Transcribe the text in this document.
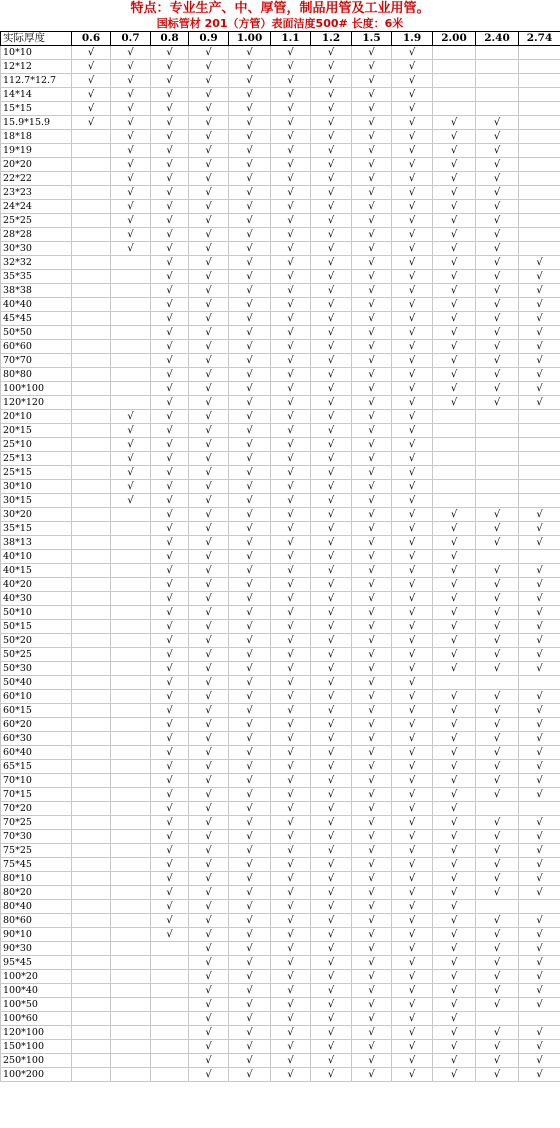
特点：专业生产、中、厚管，制品用管及工业用管。
国标管材 201（方管）表面洁度500# 长度：6米
实际厚度	0.6	0.7	0.8	0.9	1.00	1.1	1.2	1.5	1.9	2.00	2.40	2.74
10*10	√	√	√	√	√	√	√	√	√			
12*12	√	√	√	√	√	√	√	√	√			
112.7*12.7	√	√	√	√	√	√	√	√	√			
14*14	√	√	√	√	√	√	√	√	√			
15*15	√	√	√	√	√	√	√	√	√			
15.9*15.9	√	√	√	√	√	√	√	√	√	√	√	
18*18		√	√	√	√	√	√	√	√	√	√	
19*19		√	√	√	√	√	√	√	√	√	√	
20*20		√	√	√	√	√	√	√	√	√	√	
22*22		√	√	√	√	√	√	√	√	√	√	
23*23		√	√	√	√	√	√	√	√	√	√	
24*24		√	√	√	√	√	√	√	√	√	√	
25*25		√	√	√	√	√	√	√	√	√	√	
28*28		√	√	√	√	√	√	√	√	√	√	
30*30		√	√	√	√	√	√	√	√	√	√	
32*32			√	√	√	√	√	√	√	√	√	√
35*35			√	√	√	√	√	√	√	√	√	√
38*38			√	√	√	√	√	√	√	√	√	√
40*40			√	√	√	√	√	√	√	√	√	√
45*45			√	√	√	√	√	√	√	√	√	√
50*50			√	√	√	√	√	√	√	√	√	√
60*60			√	√	√	√	√	√	√	√	√	√
70*70			√	√	√	√	√	√	√	√	√	√
80*80			√	√	√	√	√	√	√	√	√	√
100*100			√	√	√	√	√	√	√	√	√	√
120*120			√	√	√	√	√	√	√	√	√	√
20*10		√	√	√	√	√	√	√	√			
20*15		√	√	√	√	√	√	√	√			
25*10		√	√	√	√	√	√	√	√			
25*13		√	√	√	√	√	√	√	√			
25*15		√	√	√	√	√	√	√	√			
30*10		√	√	√	√	√	√	√	√			
30*15		√	√	√	√	√	√	√	√			
30*20			√	√	√	√	√	√	√	√	√	√
35*15			√	√	√	√	√	√	√	√	√	√
38*13			√	√	√	√	√	√	√	√	√	√
40*10			√	√	√	√	√	√	√	√		
40*15			√	√	√	√	√	√	√	√	√	√
40*20			√	√	√	√	√	√	√	√	√	√
40*30			√	√	√	√	√	√	√	√	√	√
50*10			√	√	√	√	√	√	√	√	√	√
50*15			√	√	√	√	√	√	√	√	√	√
50*20			√	√	√	√	√	√	√	√	√	√
50*25			√	√	√	√	√	√	√	√	√	√
50*30			√	√	√	√	√	√	√	√	√	√
50*40			√	√	√	√	√	√	√			
60*10			√	√	√	√	√	√	√	√	√	√
60*15			√	√	√	√	√	√	√	√	√	√
60*20			√	√	√	√	√	√	√	√	√	√
60*30			√	√	√	√	√	√	√	√	√	√
60*40			√	√	√	√	√	√	√	√	√	√
65*15			√	√	√	√	√	√	√	√	√	√
70*10			√	√	√	√	√	√	√	√	√	√
70*15			√	√	√	√	√	√	√	√	√	√
70*20			√	√	√	√	√	√	√	√		
70*25			√	√	√	√	√	√	√	√	√	√
70*30			√	√	√	√	√	√	√	√	√	√
75*25			√	√	√	√	√	√	√	√	√	√
75*45			√	√	√	√	√	√	√	√	√	√
80*10			√	√	√	√	√	√	√	√	√	√
80*20			√	√	√	√	√	√	√	√	√	√
80*40			√	√	√	√	√	√	√	√		
80*60			√	√	√	√	√	√	√	√	√	√
90*10			√	√	√	√	√	√	√	√	√	√
90*30				√	√	√	√	√	√	√	√	√
95*45				√	√	√	√	√	√	√	√	√
100*20				√	√	√	√	√	√	√	√	√
100*40				√	√	√	√	√	√	√	√	√
100*50				√	√	√	√	√	√	√	√	√
100*60				√	√	√	√	√	√	√		
120*100				√	√	√	√	√	√	√	√	√
150*100				√	√	√	√	√	√	√	√	√
250*100				√	√	√	√	√	√	√	√	√
100*200				√	√	√	√	√	√	√	√	√
